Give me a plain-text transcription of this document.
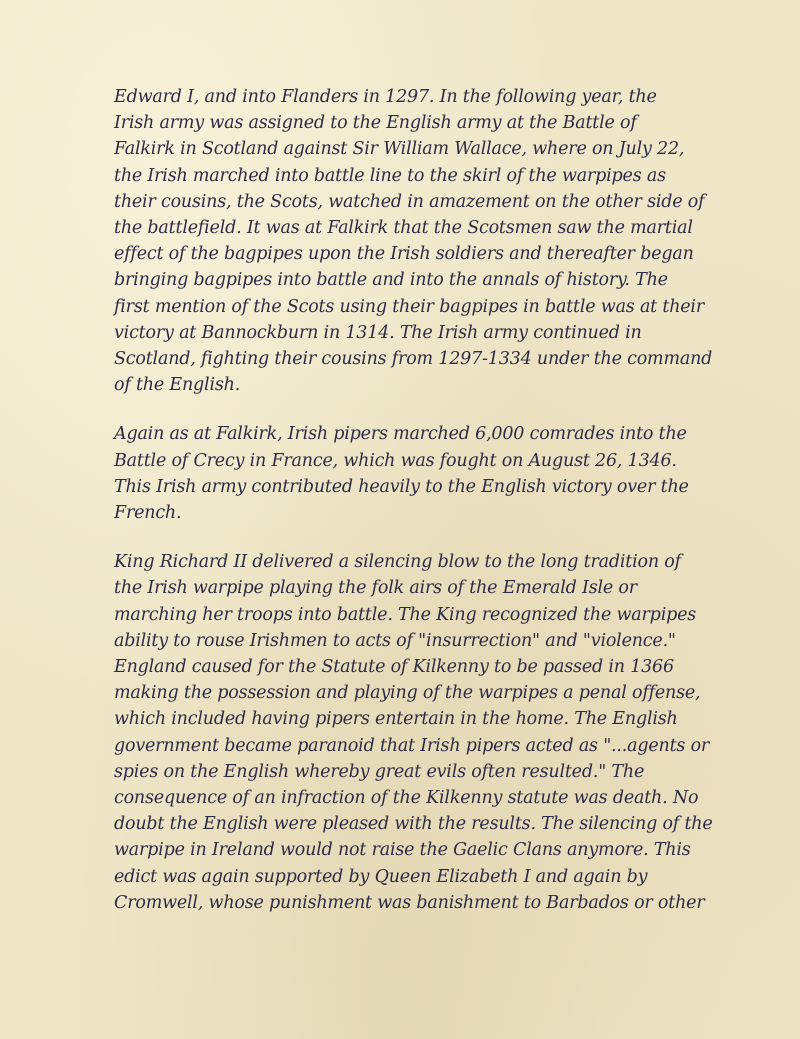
Edward I, and into Flanders in 1297. In the following year, the
Irish army was assigned to the English army at the Battle of
Falkirk in Scotland against Sir William Wallace, where on July 22,
the Irish marched into battle line to the skirl of the warpipes as
their cousins, the Scots, watched in amazement on the other side of
the battlefield. It was at Falkirk that the Scotsmen saw the martial
effect of the bagpipes upon the Irish soldiers and thereafter began
bringing bagpipes into battle and into the annals of history. The
first mention of the Scots using their bagpipes in battle was at their
victory at Bannockburn in 1314. The Irish army continued in
Scotland, fighting their cousins from 1297-1334 under the command
of the English.

Again as at Falkirk, Irish pipers marched 6,000 comrades into the
Battle of Crecy in France, which was fought on August 26, 1346.
This Irish army contributed heavily to the English victory over the
French.

King Richard II delivered a silencing blow to the long tradition of
the Irish warpipe playing the folk airs of the Emerald Isle or
marching her troops into battle. The King recognized the warpipes
ability to rouse Irishmen to acts of "insurrection" and "violence."
England caused for the Statute of Kilkenny to be passed in 1366
making the possession and playing of the warpipes a penal offense,
which included having pipers entertain in the home. The English
government became paranoid that Irish pipers acted as "...agents or
spies on the English whereby great evils often resulted." The
consequence of an infraction of the Kilkenny statute was death. No
doubt the English were pleased with the results. The silencing of the
warpipe in Ireland would not raise the Gaelic Clans anymore. This
edict was again supported by Queen Elizabeth I and again by
Cromwell, whose punishment was banishment to Barbados or other
